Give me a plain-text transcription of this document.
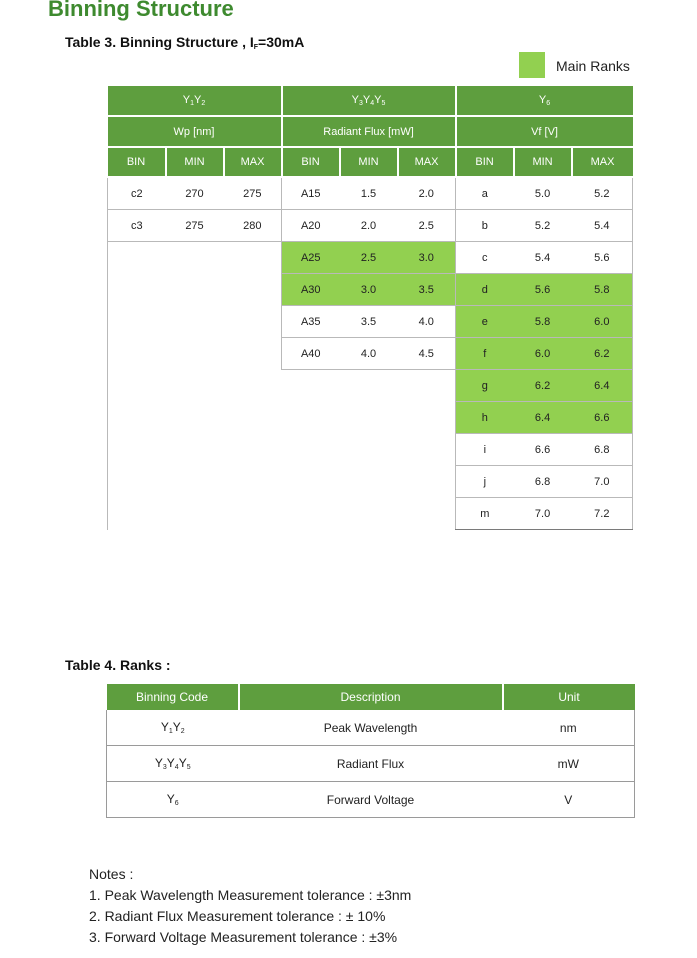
Binning Structure
Table 3. Binning Structure , $I_F=30mA$
Main Ranks
$Y_1Y_2$			$Y_3Y_4Y_5$			$Y_6$
Wp [nm]			Radiant Flux [mW]			Vf [V]		
BIN	MIN	MAX	BIN	MIN	MAX	BIN	MIN	MAX
c2	270	275	A15	1.5	2.0	a	5.0	5.2
c3	275	280	A20	2.0	2.5	b	5.2	5.4
			A25	2.5	3.0	c	5.4	5.6
			A30	3.0	3.5	d	5.6	5.8
			A35	3.5	4.0	e	5.8	6.0
			A40	4.0	4.5	f	6.0	6.2
						g	6.2	6.4
						h	6.4	6.6
						i	6.6	6.8
						j	6.8	7.0
						m	7.0	7.2
Table 4. Ranks :
Binning Code	Description	Unit
$Y_1Y_2$	Peak Wavelength	nm
$Y_3Y_4Y_5$	Radiant Flux	mW
$Y_6$	Forward Voltage	V
Notes :
1. Peak Wavelength Measurement tolerance : ±3nm
2. Radiant Flux Measurement tolerance : ± 10%
3. Forward Voltage Measurement tolerance : ±3%
